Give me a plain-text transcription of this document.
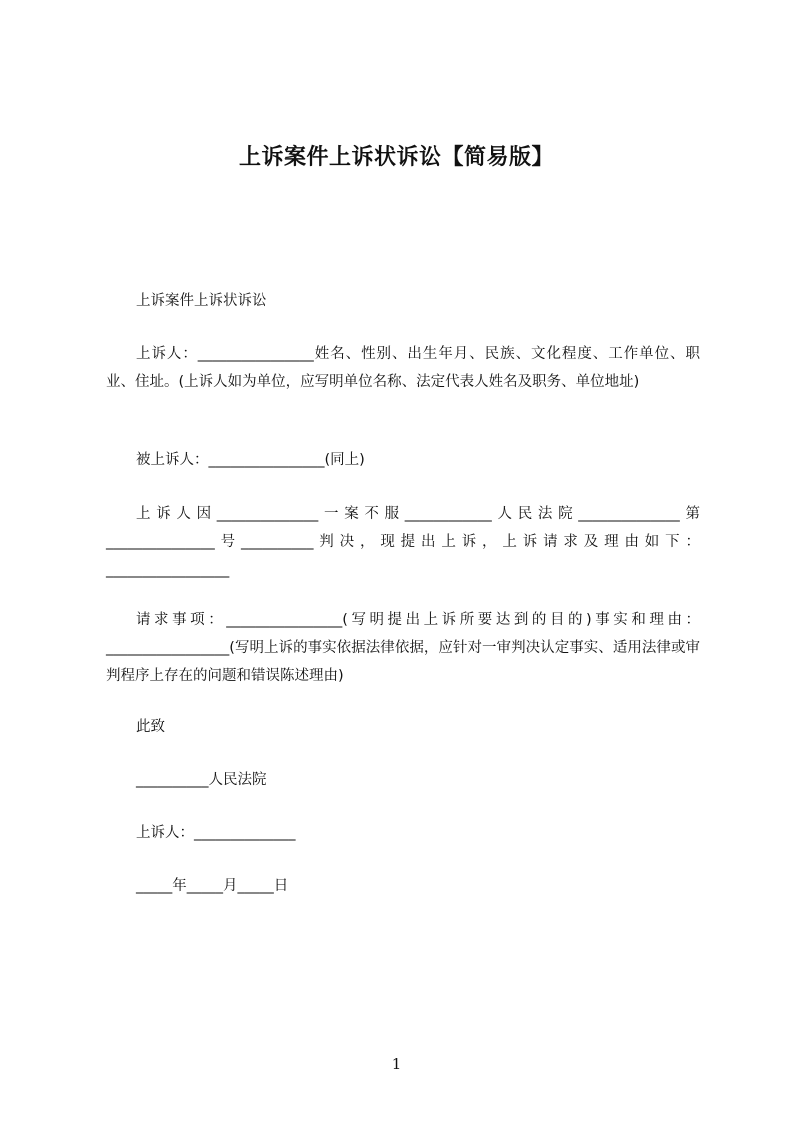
上诉案件上诉状诉讼【简易版】

上诉案件上诉状诉讼

上诉人：________________姓名、性别、出生年月、民族、文化程度、工作单位、职业、住址。(上诉人如为单位，应写明单位名称、法定代表人姓名及职务、单位地址)

被上诉人：________________(同上)

上诉人因______________一案不服____________人民法院______________第_______________号__________判决，现提出上诉，上诉请求及理由如下：_________________

请求事项：________________(写明提出上诉所要达到的目的)事实和理由：_________________(写明上诉的事实依据法律依据，应针对一审判决认定事实、适用法律或审判程序上存在的问题和错误陈述理由)

此致

__________人民法院

上诉人：______________

_____年_____月_____日

1
